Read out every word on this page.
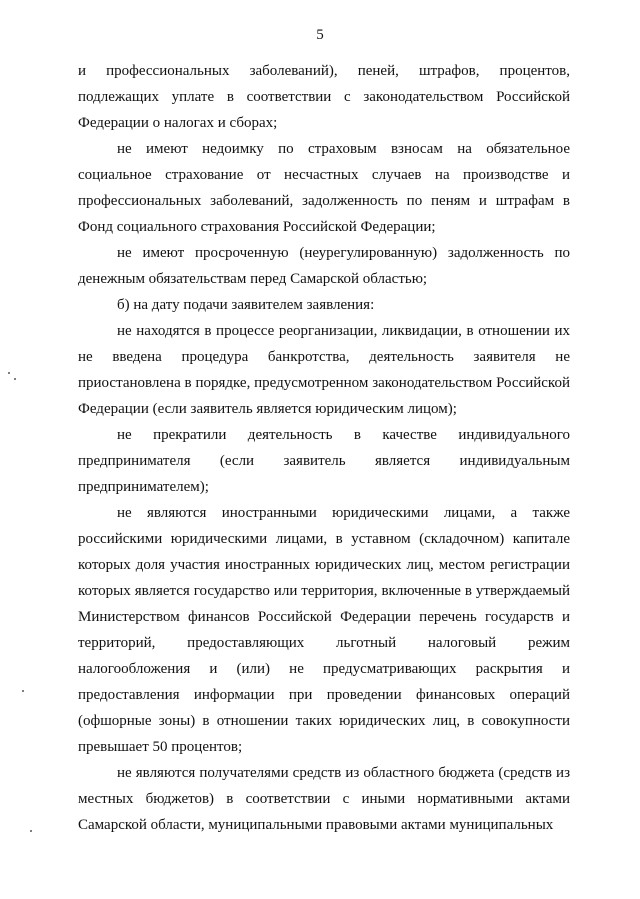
5

и профессиональных заболеваний), пеней, штрафов, процентов, подлежащих уплате в соответствии с законодательством Российской Федерации о налогах и сборах;

не имеют недоимку по страховым взносам на обязательное социальное страхование от несчастных случаев на производстве и профессиональных заболеваний, задолженность по пеням и штрафам в Фонд социального страхования Российской Федерации;

не имеют просроченную (неурегулированную) задолженность по денежным обязательствам перед Самарской областью;

б) на дату подачи заявителем заявления:

не находятся в процессе реорганизации, ликвидации, в отношении их не введена процедура банкротства, деятельность заявителя не приостановлена в порядке, предусмотренном законодательством Российской Федерации (если заявитель является юридическим лицом);

не прекратили деятельность в качестве индивидуального предпринимателя (если заявитель является индивидуальным предпринимателем);

не являются иностранными юридическими лицами, а также российскими юридическими лицами, в уставном (складочном) капитале которых доля участия иностранных юридических лиц, местом регистрации которых является государство или территория, включенные в утверждаемый Министерством финансов Российской Федерации перечень государств и территорий, предоставляющих льготный налоговый режим налогообложения и (или) не предусматривающих раскрытия и предоставления информации при проведении финансовых операций (офшорные зоны) в отношении таких юридических лиц, в совокупности превышает 50 процентов;

не являются получателями средств из областного бюджета (средств из местных бюджетов) в соответствии с иными нормативными актами Самарской области, муниципальными правовыми актами муниципальных
